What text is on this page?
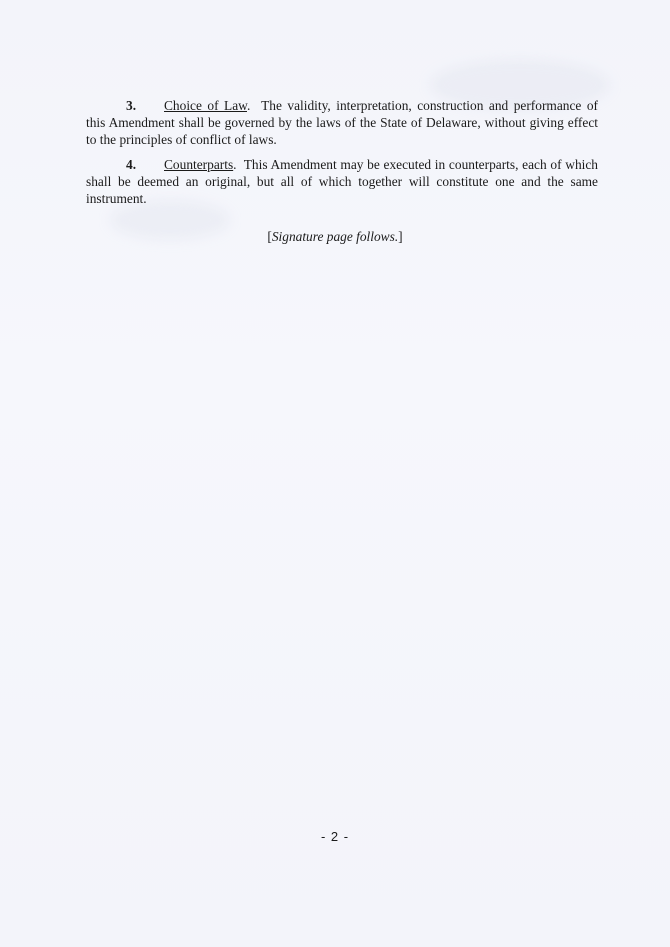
3. Choice of Law. The validity, interpretation, construction and performance of this Amendment shall be governed by the laws of the State of Delaware, without giving effect to the principles of conflict of laws.

4. Counterparts. This Amendment may be executed in counterparts, each of which shall be deemed an original, but all of which together will constitute one and the same instrument.

[Signature page follows.]
- 2 -
